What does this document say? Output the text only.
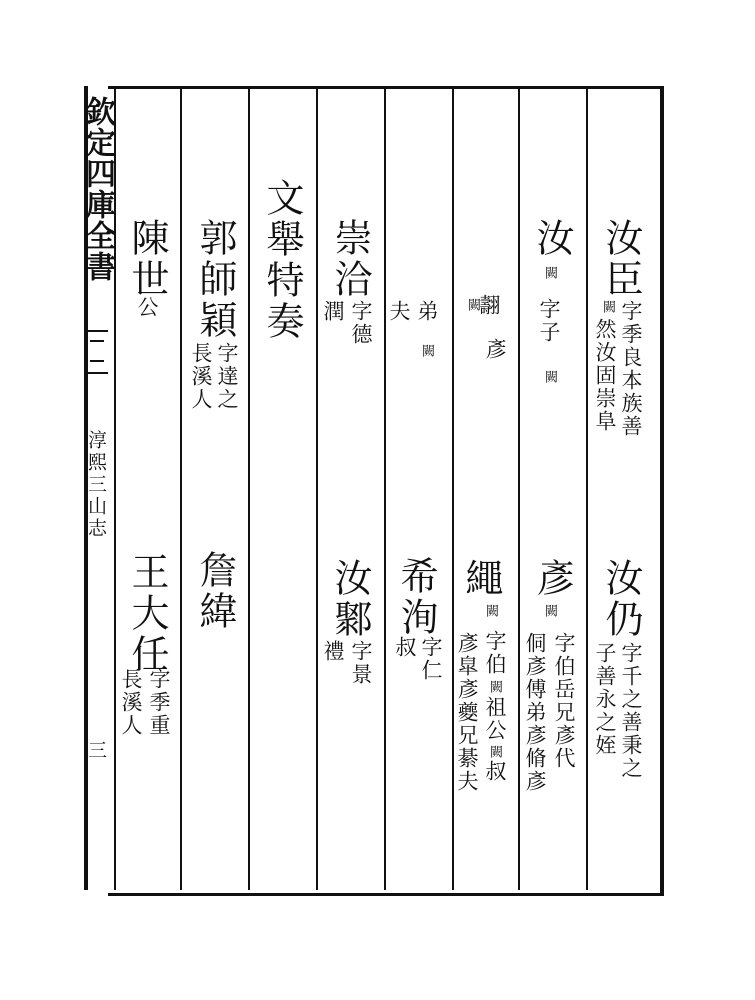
欽定四庫全書
淳熙三山志
三
汝臣
字季良本族善
闕
然汝固崇阜
汝仍
字千之善秉之
子善永之姪
汝
闕
字子
闕
彥
闕
字伯岳兄彥代
侗彥傅弟彥脩彥
闕
翿
彥
繩
闕
字伯
闕
祖公
闕
叔
彥皐彥夔兄綦夫
夫 弟
闕
希洵
字仁
叔
崇洽
字德
潤
汝鄹
字景
禮
文舉特奏
郭師穎
字達之
長溪人
詹緯
陳世
公
王大任
字季重
長溪人
